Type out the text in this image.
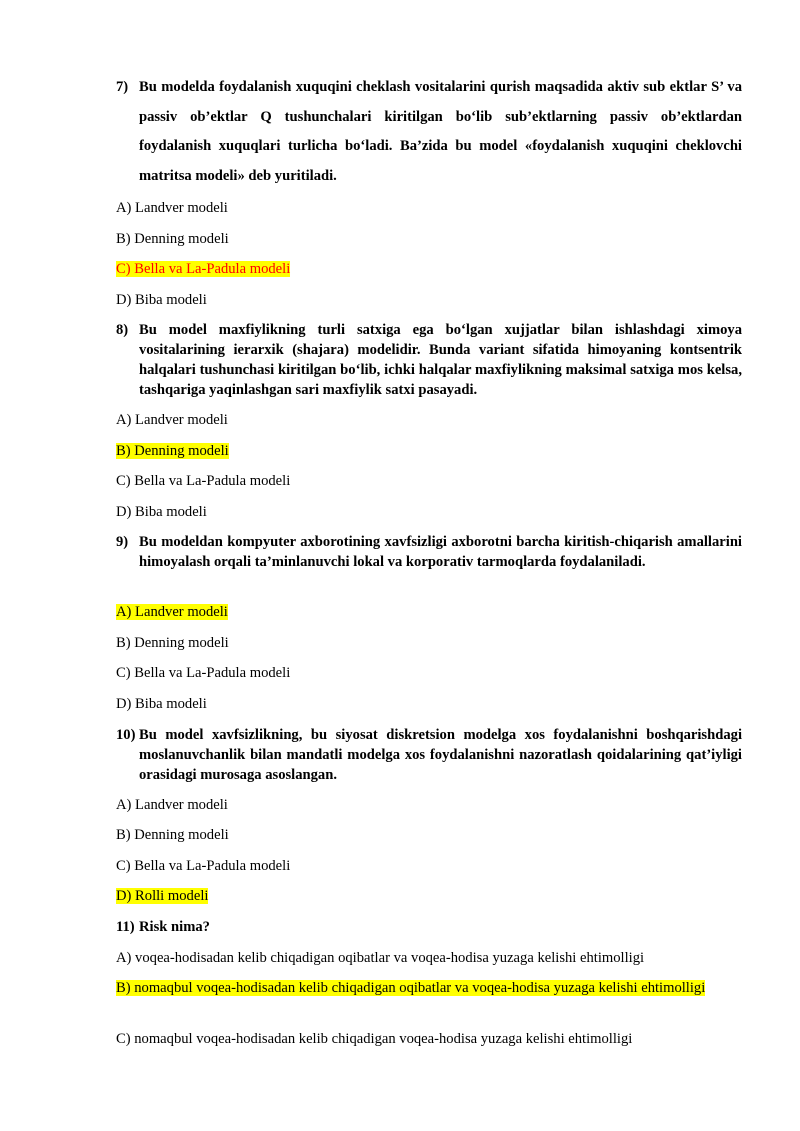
7) Bu modelda foydalanish xuquqini cheklash vositalarini qurish maqsadida aktiv sub ektlar S’ va passiv ob’ektlar Q tushunchalari kiritilgan bo‘lib sub’ektlarning passiv ob’ektlardan foydalanish xuquqlari turlicha bo‘ladi. Ba’zida bu model «foydalanish xuquqini cheklovchi matritsa modeli» deb yuritiladi.
A) Landver modeli
B) Denning modeli
C) Bella va La-Padula modeli
D) Biba modeli
8) Bu model maxfiylikning turli satxiga ega bo‘lgan xujjatlar bilan ishlashdagi ximoya vositalarining ierarxik (shajara) modelidir. Bunda variant sifatida himoyaning kontsentrik halqalari tushunchasi kiritilgan bo‘lib, ichki halqalar maxfiylikning maksimal satxiga mos kelsa, tashqariga yaqinlashgan sari maxfiylik satxi pasayadi.
A) Landver modeli
B) Denning modeli
C) Bella va La-Padula modeli
D) Biba modeli
9) Bu modeldan kompyuter axborotining xavfsizligi axborotni barcha kiritish-chiqarish amallarini himoyalash orqali ta’minlanuvchi lokal va korporativ tarmoqlarda foydalaniladi.
A) Landver modeli
B) Denning modeli
C) Bella va La-Padula modeli
D) Biba modeli
10) Bu model xavfsizlikning, bu siyosat diskretsion modelga xos foydalanishni boshqarishdagi moslanuvchanlik bilan mandatli modelga xos foydalanishni nazoratlash qoidalarining qat’iyligi orasidagi murosaga asoslangan.
A) Landver modeli
B) Denning modeli
C) Bella va La-Padula modeli
D) Rolli modeli
11) Risk nima?
A) voqea-hodisadan kelib chiqadigan oqibatlar va voqea-hodisa yuzaga kelishi ehtimolligi
B) nomaqbul voqea-hodisadan kelib chiqadigan oqibatlar va voqea-hodisa yuzaga kelishi ehtimolligi
C) nomaqbul voqea-hodisadan kelib chiqadigan voqea-hodisa yuzaga kelishi ehtimolligi
